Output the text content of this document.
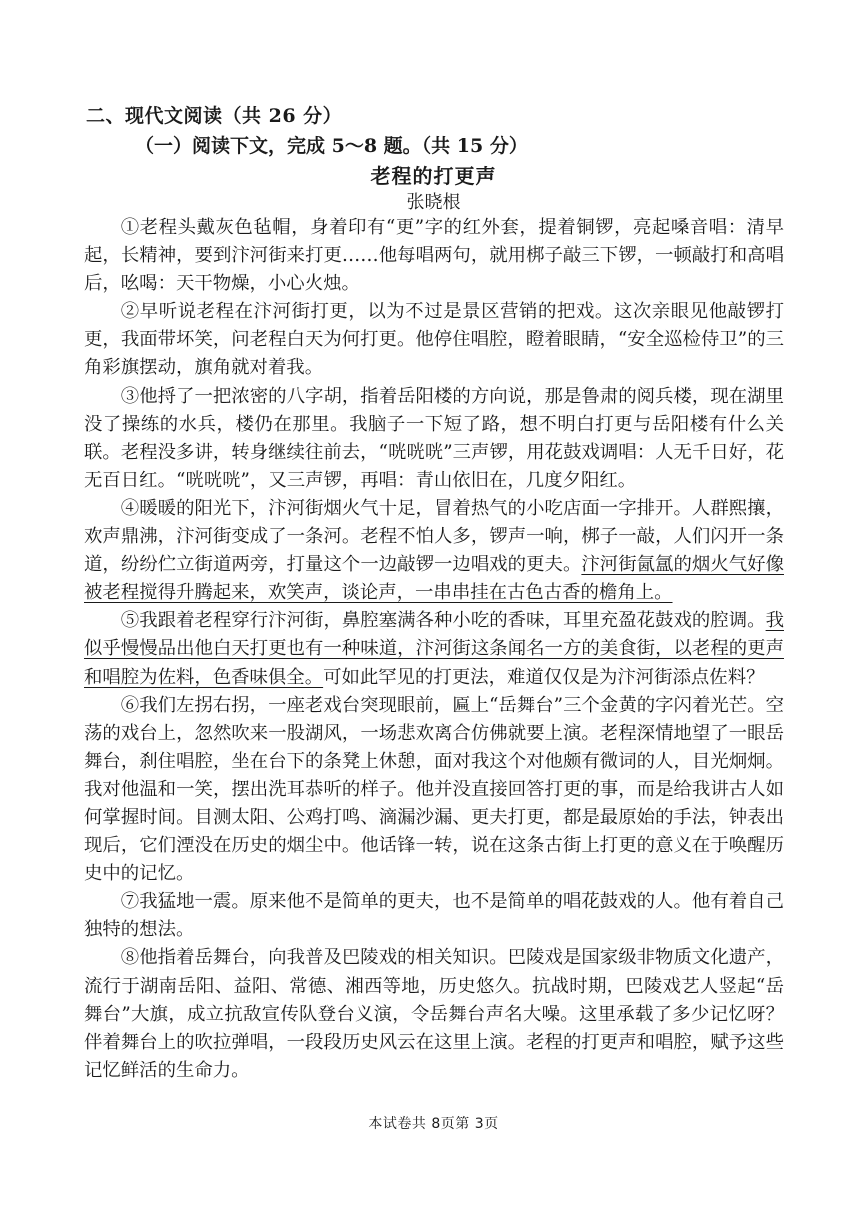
二、现代文阅读（共 26 分）
（一）阅读下文，完成 5～8 题。（共 15 分）
老程的打更声
张晓根

①老程头戴灰色毡帽，身着印有“更”字的红外套，提着铜锣，亮起嗓音唱：清早起，长精神，要到汴河街来打更……他每唱两句，就用梆子敲三下锣，一顿敲打和高唱后，吆喝：天干物燥，小心火烛。

②早听说老程在汴河街打更，以为不过是景区营销的把戏。这次亲眼见他敲锣打更，我面带坏笑，问老程白天为何打更。他停住唱腔，瞪着眼睛，“安全巡检侍卫”的三角彩旗摆动，旗角就对着我。

③他捋了一把浓密的八字胡，指着岳阳楼的方向说，那是鲁肃的阅兵楼，现在湖里没了操练的水兵，楼仍在那里。我脑子一下短了路，想不明白打更与岳阳楼有什么关联。老程没多讲，转身继续往前去，“咣咣咣”三声锣，用花鼓戏调唱：人无千日好，花无百日红。“咣咣咣”，又三声锣，再唱：青山依旧在，几度夕阳红。

④暖暖的阳光下，汴河街烟火气十足，冒着热气的小吃店面一字排开。人群熙攘，欢声鼎沸，汴河街变成了一条河。老程不怕人多，锣声一响，梆子一敲，人们闪开一条道，纷纷伫立街道两旁，打量这个一边敲锣一边唱戏的更夫。汴河街氤氲的烟火气好像被老程搅得升腾起来，欢笑声，谈论声，一串串挂在古色古香的檐角上。

⑤我跟着老程穿行汴河街，鼻腔塞满各种小吃的香味，耳里充盈花鼓戏的腔调。我似乎慢慢品出他白天打更也有一种味道，汴河街这条闻名一方的美食街，以老程的更声和唱腔为佐料，色香味俱全。可如此罕见的打更法，难道仅仅是为汴河街添点佐料？

⑥我们左拐右拐，一座老戏台突现眼前，匾上“岳舞台”三个金黄的字闪着光芒。空荡的戏台上，忽然吹来一股湖风，一场悲欢离合仿佛就要上演。老程深情地望了一眼岳舞台，刹住唱腔，坐在台下的条凳上休憩，面对我这个对他颇有微词的人，目光炯炯。我对他温和一笑，摆出洗耳恭听的样子。他并没直接回答打更的事，而是给我讲古人如何掌握时间。目测太阳、公鸡打鸣、滴漏沙漏、更夫打更，都是最原始的手法，钟表出现后，它们湮没在历史的烟尘中。他话锋一转，说在这条古街上打更的意义在于唤醒历史中的记忆。

⑦我猛地一震。原来他不是简单的更夫，也不是简单的唱花鼓戏的人。他有着自己独特的想法。

⑧他指着岳舞台，向我普及巴陵戏的相关知识。巴陵戏是国家级非物质文化遗产，流行于湖南岳阳、益阳、常德、湘西等地，历史悠久。抗战时期，巴陵戏艺人竖起“岳舞台”大旗，成立抗敌宣传队登台义演，令岳舞台声名大噪。这里承载了多少记忆呀？伴着舞台上的吹拉弹唱，一段段历史风云在这里上演。老程的打更声和唱腔，赋予这些记忆鲜活的生命力。

本试卷共 8页第 3页
